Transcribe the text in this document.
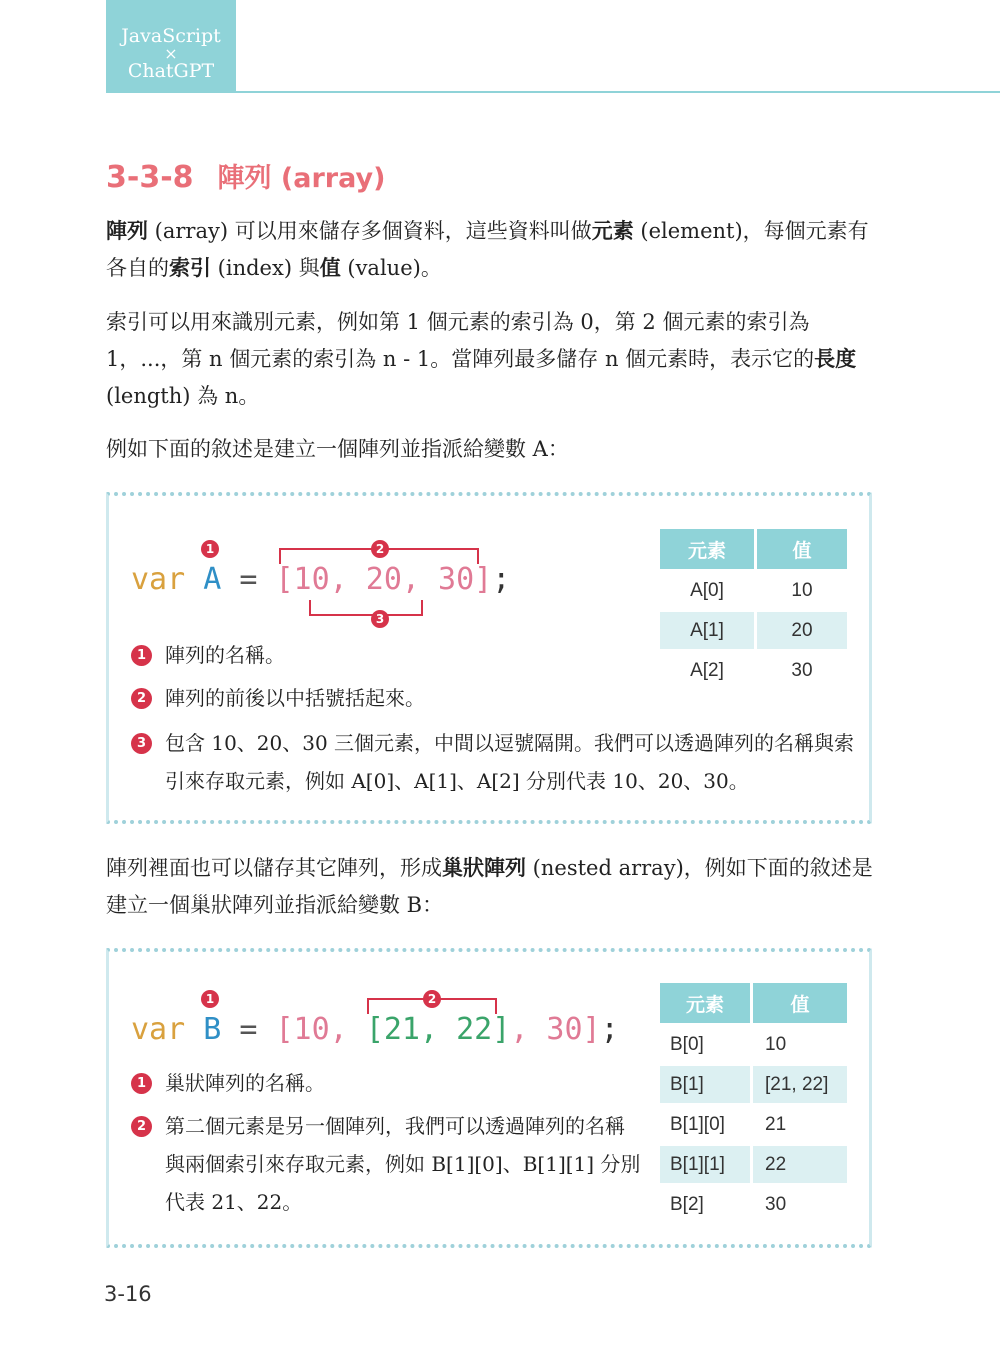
JavaScript
×
ChatGPT
3-3-8 陣列 (array)

陣列 (array) 可以用來儲存多個資料，這些資料叫做元素 (element)，每個元素有各自的索引 (index) 與值 (value)。

索引可以用來識別元素，例如第 1 個元素的索引為 0，第 2 個元素的索引為 1，...，第 n 個元素的索引為 n - 1。當陣列最多儲存 n 個元素時，表示它的長度 (length) 為 n。

例如下面的敘述是建立一個陣列並指派給變數 A：

1	2
3
var A = [10, 20, 30];
1 陣列的名稱。
2 陣列的前後以中括號括起來。
3 包含 10、20、30 三個元素，中間以逗號隔開。我們可以透過陣列的名稱與索引來存取元素，例如 A[0]、A[1]、A[2] 分別代表 10、20、30。
元素	值
A[0]	10
A[1]	20
A[2]	30

陣列裡面也可以儲存其它陣列，形成巢狀陣列 (nested array)，例如下面的敘述是建立一個巢狀陣列並指派給變數 B：

1	2
var B = [10, [21, 22], 30];
1 巢狀陣列的名稱。
2 第二個元素是另一個陣列，我們可以透過陣列的名稱與兩個索引來存取元素，例如 B[1][0]、B[1][1] 分別代表 21、22。
元素	值
B[0]	10
B[1]	[21, 22]
B[1][0]	21
B[1][1]	22
B[2]	30
3-16
